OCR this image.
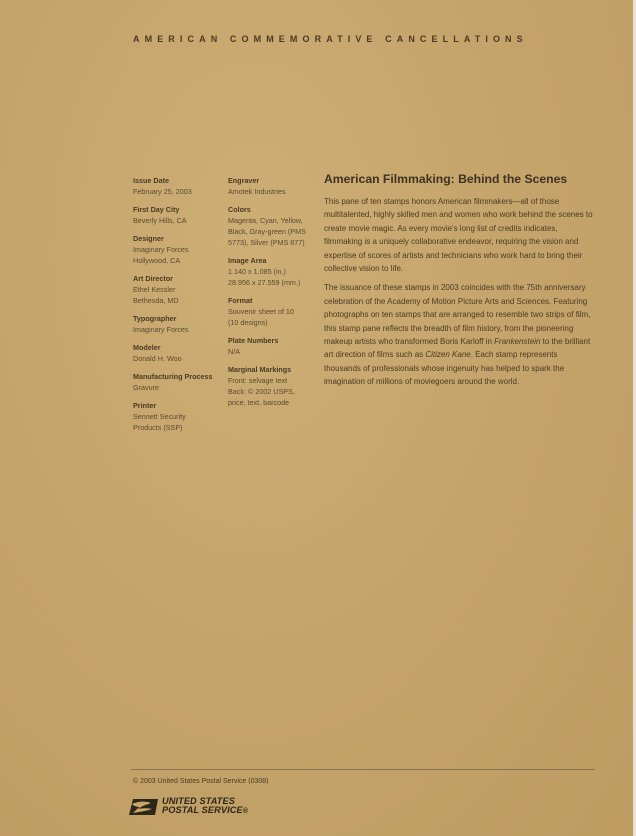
AMERICAN COMMEMORATIVE CANCELLATIONS
Issue Date
February 25, 2003
First Day City
Beverly Hills, CA
Designer
Imaginary Forces
Hollywood, CA
Art Director
Ethel Kessler
Bethesda, MD
Typographer
Imaginary Forces
Modeler
Donald H. Woo
Manufacturing Process
Gravure
Printer
Sennett Security
Products (SSP)
Engraver
Amotek Industries
Colors
Magenta, Cyan, Yellow,
Black, Gray-green (PMS
5773), Silver (PMS 877)
Image Area
1.140 x 1.085 (in.)
28.956 x 27.559 (mm.)
Format
Souvenir sheet of 10
(10 designs)
Plate Numbers
N/A
Marginal Markings
Front: selvage text
Back: © 2002 USPS,
price, text, barcode
American Filmmaking: Behind the Scenes

This pane of ten stamps honors American filmmakers—all of those multitalented, highly skilled men and women who work behind the scenes to create movie magic. As every movie's long list of credits indicates, filmmaking is a uniquely collaborative endeavor, requiring the vision and expertise of scores of artists and technicians who work hard to bring their collective vision to life.

The issuance of these stamps in 2003 coincides with the 75th anniversary celebration of the Academy of Motion Picture Arts and Sciences. Featuring photographs on ten stamps that are arranged to resemble two strips of film, this stamp pane reflects the breadth of film history, from the pioneering makeup artists who transformed Boris Karloff in Frankenstein to the brilliant art direction of films such as Citizen Kane. Each stamp represents thousands of professionals whose ingenuity has helped to spark the imagination of millions of moviegoers around the world.

© 2003 United States Postal Service (0308)
UNITED STATES
POSTAL SERVICE®
